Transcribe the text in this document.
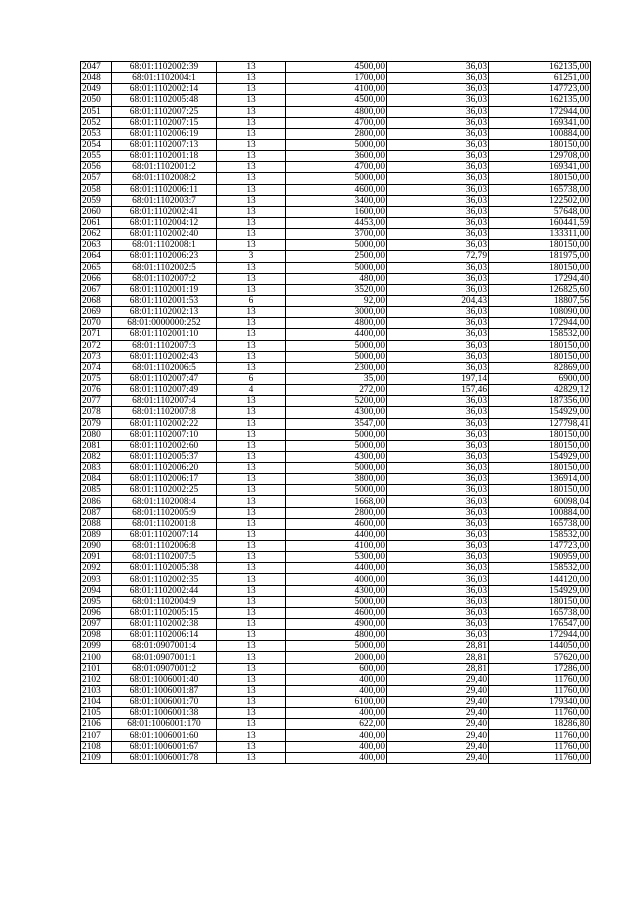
2047	68:01:1102002:39	13	4500,00	36,03	162135,00
2048	68:01:1102004:1	13	1700,00	36,03	61251,00
2049	68:01:1102002:14	13	4100,00	36,03	147723,00
2050	68:01:1102005:48	13	4500,00	36,03	162135,00
2051	68:01:1102007:25	13	4800,00	36,03	172944,00
2052	68:01:1102007:15	13	4700,00	36,03	169341,00
2053	68:01:1102006:19	13	2800,00	36,03	100884,00
2054	68:01:1102007:13	13	5000,00	36,03	180150,00
2055	68:01:1102001:18	13	3600,00	36,03	129708,00
2056	68:01:1102001:2	13	4700,00	36,03	169341,00
2057	68:01:1102008:2	13	5000,00	36,03	180150,00
2058	68:01:1102006:11	13	4600,00	36,03	165738,00
2059	68:01:1102003:7	13	3400,00	36,03	122502,00
2060	68:01:1102002:41	13	1600,00	36,03	57648,00
2061	68:01:1102004:12	13	4453,00	36,03	160441,59
2062	68:01:1102002:40	13	3700,00	36,03	133311,00
2063	68:01:1102008:1	13	5000,00	36,03	180150,00
2064	68:01:1102006:23	3	2500,00	72,79	181975,00
2065	68:01:1102002:5	13	5000,00	36,03	180150,00
2066	68:01:1102007:2	13	480,00	36,03	17294,40
2067	68:01:1102001:19	13	3520,00	36,03	126825,60
2068	68:01:1102001:53	6	92,00	204,43	18807,56
2069	68:01:1102002:13	13	3000,00	36,03	108090,00
2070	68:01:0000000:252	13	4800,00	36,03	172944,00
2071	68:01:1102001:10	13	4400,00	36,03	158532,00
2072	68:01:1102007:3	13	5000,00	36,03	180150,00
2073	68:01:1102002:43	13	5000,00	36,03	180150,00
2074	68:01:1102006:5	13	2300,00	36,03	82869,00
2075	68:01:1102007:47	6	35,00	197,14	6900,00
2076	68:01:1102007:49	4	272,00	157,46	42829,12
2077	68:01:1102007:4	13	5200,00	36,03	187356,00
2078	68:01:1102007:8	13	4300,00	36,03	154929,00
2079	68:01:1102002:22	13	3547,00	36,03	127798,41
2080	68:01:1102007:10	13	5000,00	36,03	180150,00
2081	68:01:1102002:60	13	5000,00	36,03	180150,00
2082	68:01:1102005:37	13	4300,00	36,03	154929,00
2083	68:01:1102006:20	13	5000,00	36,03	180150,00
2084	68:01:1102006:17	13	3800,00	36,03	136914,00
2085	68:01:1102002:25	13	5000,00	36,03	180150,00
2086	68:01:1102008:4	13	1668,00	36,03	60098,04
2087	68:01:1102005:9	13	2800,00	36,03	100884,00
2088	68:01:1102001:8	13	4600,00	36,03	165738,00
2089	68:01:1102007:14	13	4400,00	36,03	158532,00
2090	68:01:1102006:8	13	4100,00	36,03	147723,00
2091	68:01:1102007:5	13	5300,00	36,03	190959,00
2092	68:01:1102005:38	13	4400,00	36,03	158532,00
2093	68:01:1102002:35	13	4000,00	36,03	144120,00
2094	68:01:1102002:44	13	4300,00	36,03	154929,00
2095	68:01:1102004:9	13	5000,00	36,03	180150,00
2096	68:01:1102005:15	13	4600,00	36,03	165738,00
2097	68:01:1102002:38	13	4900,00	36,03	176547,00
2098	68:01:1102006:14	13	4800,00	36,03	172944,00
2099	68:01:0907001:4	13	5000,00	28,81	144050,00
2100	68:01:0907001:1	13	2000,00	28,81	57620,00
2101	68:01:0907001:2	13	600,00	28,81	17286,00
2102	68:01:1006001:40	13	400,00	29,40	11760,00
2103	68:01:1006001:87	13	400,00	29,40	11760,00
2104	68:01:1006001:70	13	6100,00	29,40	179340,00
2105	68:01:1006001:38	13	400,00	29,40	11760,00
2106	68:01:1006001:170	13	622,00	29,40	18286,80
2107	68:01:1006001:60	13	400,00	29,40	11760,00
2108	68:01:1006001:67	13	400,00	29,40	11760,00
2109	68:01:1006001:78	13	400,00	29,40	11760,00
